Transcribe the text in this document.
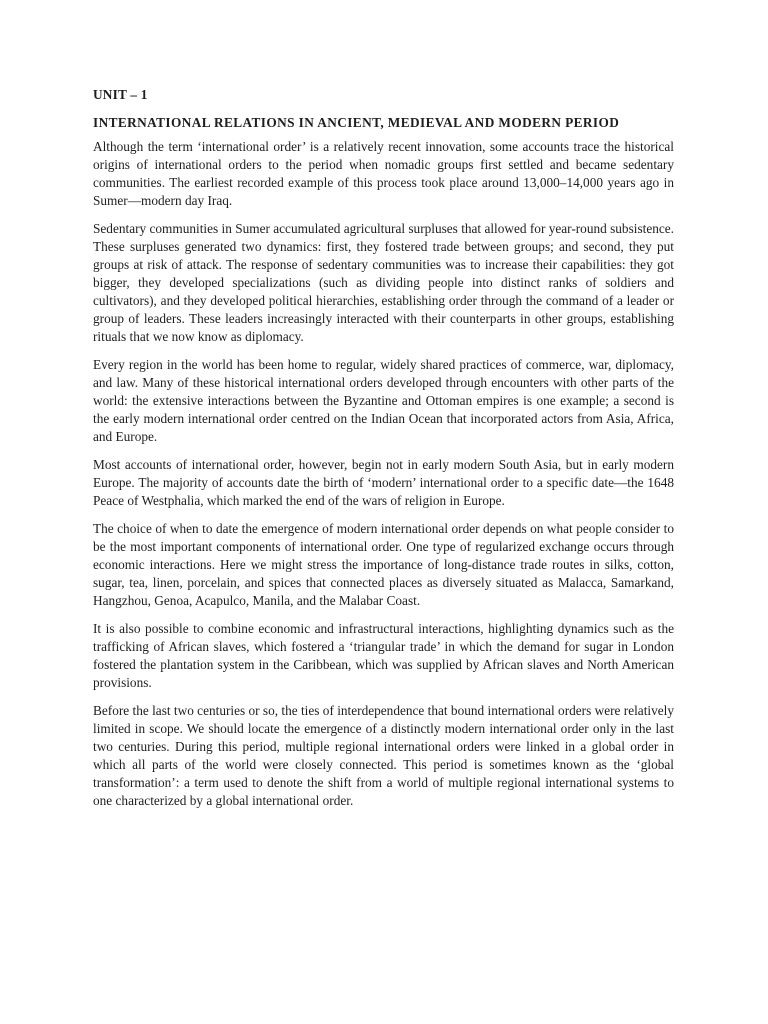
UNIT – 1
INTERNATIONAL RELATIONS IN ANCIENT, MEDIEVAL AND MODERN PERIOD

Although the term ‘international order’ is a relatively recent innovation, some accounts trace the historical origins of international orders to the period when nomadic groups first settled and became sedentary communities. The earliest recorded example of this process took place around 13,000–14,000 years ago in Sumer—modern day Iraq.

Sedentary communities in Sumer accumulated agricultural surpluses that allowed for year-round subsistence. These surpluses generated two dynamics: first, they fostered trade between groups; and second, they put groups at risk of attack. The response of sedentary communities was to increase their capabilities: they got bigger, they developed specializations (such as dividing people into distinct ranks of soldiers and cultivators), and they developed political hierarchies, establishing order through the command of a leader or group of leaders. These leaders increasingly interacted with their counterparts in other groups, establishing rituals that we now know as diplomacy.

Every region in the world has been home to regular, widely shared practices of commerce, war, diplomacy, and law. Many of these historical international orders developed through encounters with other parts of the world: the extensive interactions between the Byzantine and Ottoman empires is one example; a second is the early modern international order centred on the Indian Ocean that incorporated actors from Asia, Africa, and Europe.

Most accounts of international order, however, begin not in early modern South Asia, but in early modern Europe. The majority of accounts date the birth of ‘modern’ international order to a specific date—the 1648 Peace of Westphalia, which marked the end of the wars of religion in Europe.

The choice of when to date the emergence of modern international order depends on what people consider to be the most important components of international order. One type of regularized exchange occurs through economic interactions. Here we might stress the importance of long-distance trade routes in silks, cotton, sugar, tea, linen, porcelain, and spices that connected places as diversely situated as Malacca, Samarkand, Hangzhou, Genoa, Acapulco, Manila, and the Malabar Coast.

It is also possible to combine economic and infrastructural interactions, highlighting dynamics such as the trafficking of African slaves, which fostered a ‘triangular trade’ in which the demand for sugar in London fostered the plantation system in the Caribbean, which was supplied by African slaves and North American provisions.

Before the last two centuries or so, the ties of interdependence that bound international orders were relatively limited in scope. We should locate the emergence of a distinctly modern international order only in the last two centuries. During this period, multiple regional international orders were linked in a global order in which all parts of the world were closely connected. This period is sometimes known as the ‘global transformation’: a term used to denote the shift from a world of multiple regional international systems to one characterized by a global international order.
